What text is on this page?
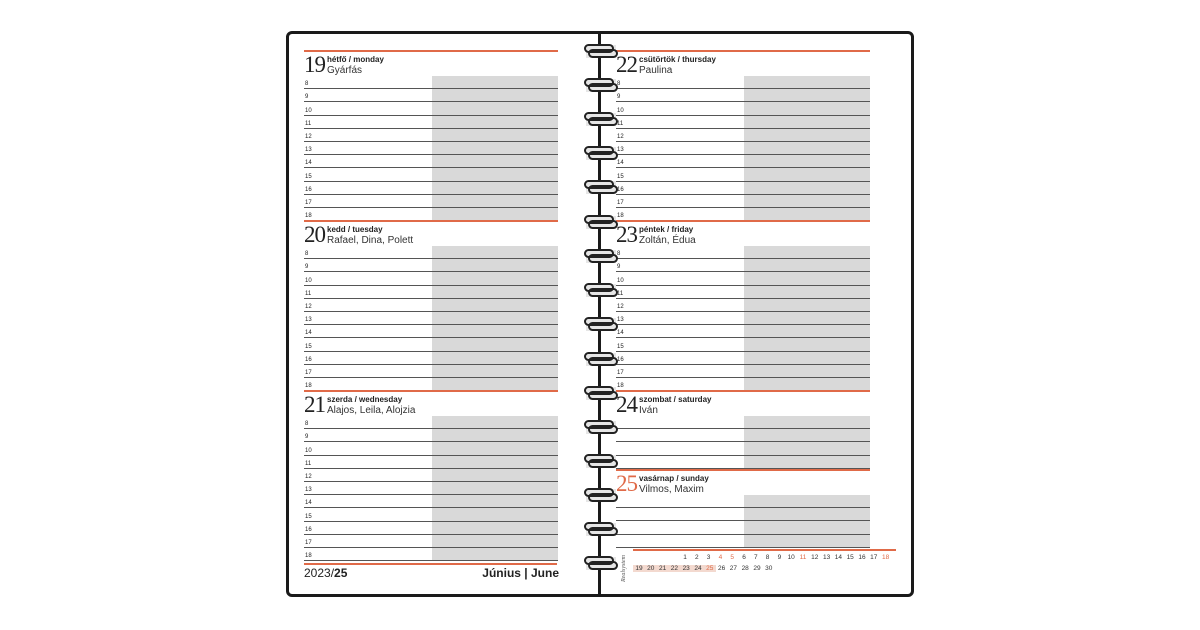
19 hétfő / monday
Gyárfás
8
9
10
11
12
13
14
15
16
17
18
20 kedd / tuesday
Rafael, Dina, Polett
8
9
10
11
12
13
14
15
16
17
18
21 szerda / wednesday
Alajos, Leila, Alojzia
8
9
10
11
12
13
14
15
16
17
18
2023/25	Június | June
22 csütörtök / thursday
Paulina
8
9
10
11
12
13
14
15
16
17
18
23 péntek / friday
Zoltán, Édua
8
9
10
11
12
13
14
15
16
17
18
24 szombat / saturday
Iván
25 vasárnap / sunday
Vilmos, Maxim
1	2	3	4	5	6	7	8	9 10 11 12 13 14 15 16 17 18
19 20 21 22 23 24 25 26 27 28 29 30
Realsystem
